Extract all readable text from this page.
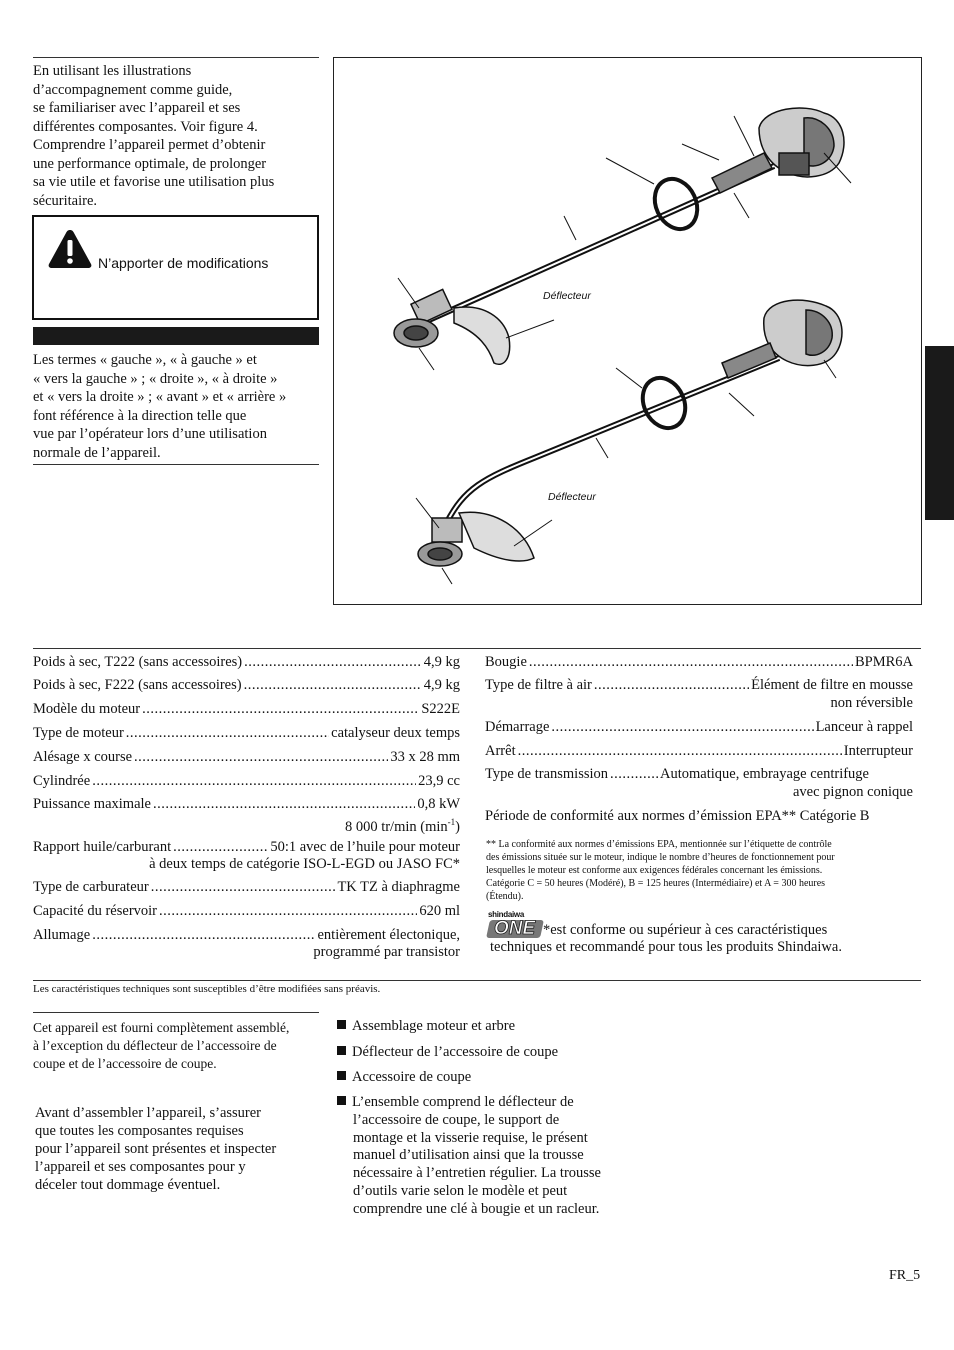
En utilisant les illustrations
d’accompagnement comme guide,
se familiariser avec l’appareil et ses
différentes composantes. Voir figure 4.
Comprendre l’appareil permet d’obtenir
une performance optimale, de prolonger
sa vie utile et favorise une utilisation plus
sécuritaire.
N’apporter de modifications
Les termes « gauche », « à gauche » et
« vers la gauche » ; « droite », « à droite »
et « vers la droite » ; « avant » et « arrière »
font référence à la direction telle que
vue par l’opérateur lors d’une utilisation
normale de l’appareil.
Déflecteur
Déflecteur
Poids à sec, T222 (sans accessoires) .....	4,9 kg
Poids à sec, F222 (sans accessoires) .....	4,9 kg
Modèle du moteur .....	S222E
Type de moteur .....	catalyseur deux temps
Alésage x course .....	33 x 28 mm
Cylindrée .....	23,9 cc
Puissance maximale .....	0,8 kW
8 000 tr/min $(\min^{-1})$
Rapport huile/carburant .....	50:1 avec de l’huile pour moteur
à deux temps de catégorie ISO-L-EGD ou JASO FC*
Type de carburateur .....	TK TZ à diaphragme
Capacité du réservoir .....	620 ml
Allumage .....	entièrement électonique,
programmé par transistor
Bougie .....	BPMR6A
Type de filtre à air .....	Élément de filtre en mousse
non réversible
Démarrage .....	Lanceur à rappel
Arrêt .....	Interrupteur
Type de transmission .....	Automatique, embrayage centrifuge
avec pignon conique
Période de conformité aux normes d’émission EPA** Catégorie B
** La conformité aux normes d’émissions EPA, mentionnée sur l’étiquette de contrôle
des émissions située sur le moteur, indique le nombre d’heures de fonctionnement pour
lesquelles le moteur est conforme aux exigences fédérales concernant les émissions.
Catégorie C = 50 heures (Modéré), B = 125 heures (Intermédiaire) et A = 300 heures
(Étendu).
shindaiwa
ONE *est conforme ou supérieur à ces caractéristiques
techniques et recommandé pour tous les produits Shindaiwa.
Les caractéristiques techniques sont susceptibles d’être modifiées sans préavis.
Cet appareil est fourni complètement assemblé,
à l’exception du déflecteur de l’accessoire de
coupe et de l’accessoire de coupe.
Avant d’assembler l’appareil, s’assurer
que toutes les composantes requises
pour l’appareil sont présentes et inspecter
l’appareil et ses composantes pour y
déceler tout dommage éventuel.
Assemblage moteur et arbre
Déflecteur de l’accessoire de coupe
Accessoire de coupe
L’ensemble comprend le déflecteur de
l’accessoire de coupe, le support de
montage et la visserie requise, le présent
manuel d’utilisation ainsi que la trousse
nécessaire à l’entretien régulier. La trousse
d’outils varie selon le modèle et peut
comprendre une clé à bougie et un racleur.
FR_5
